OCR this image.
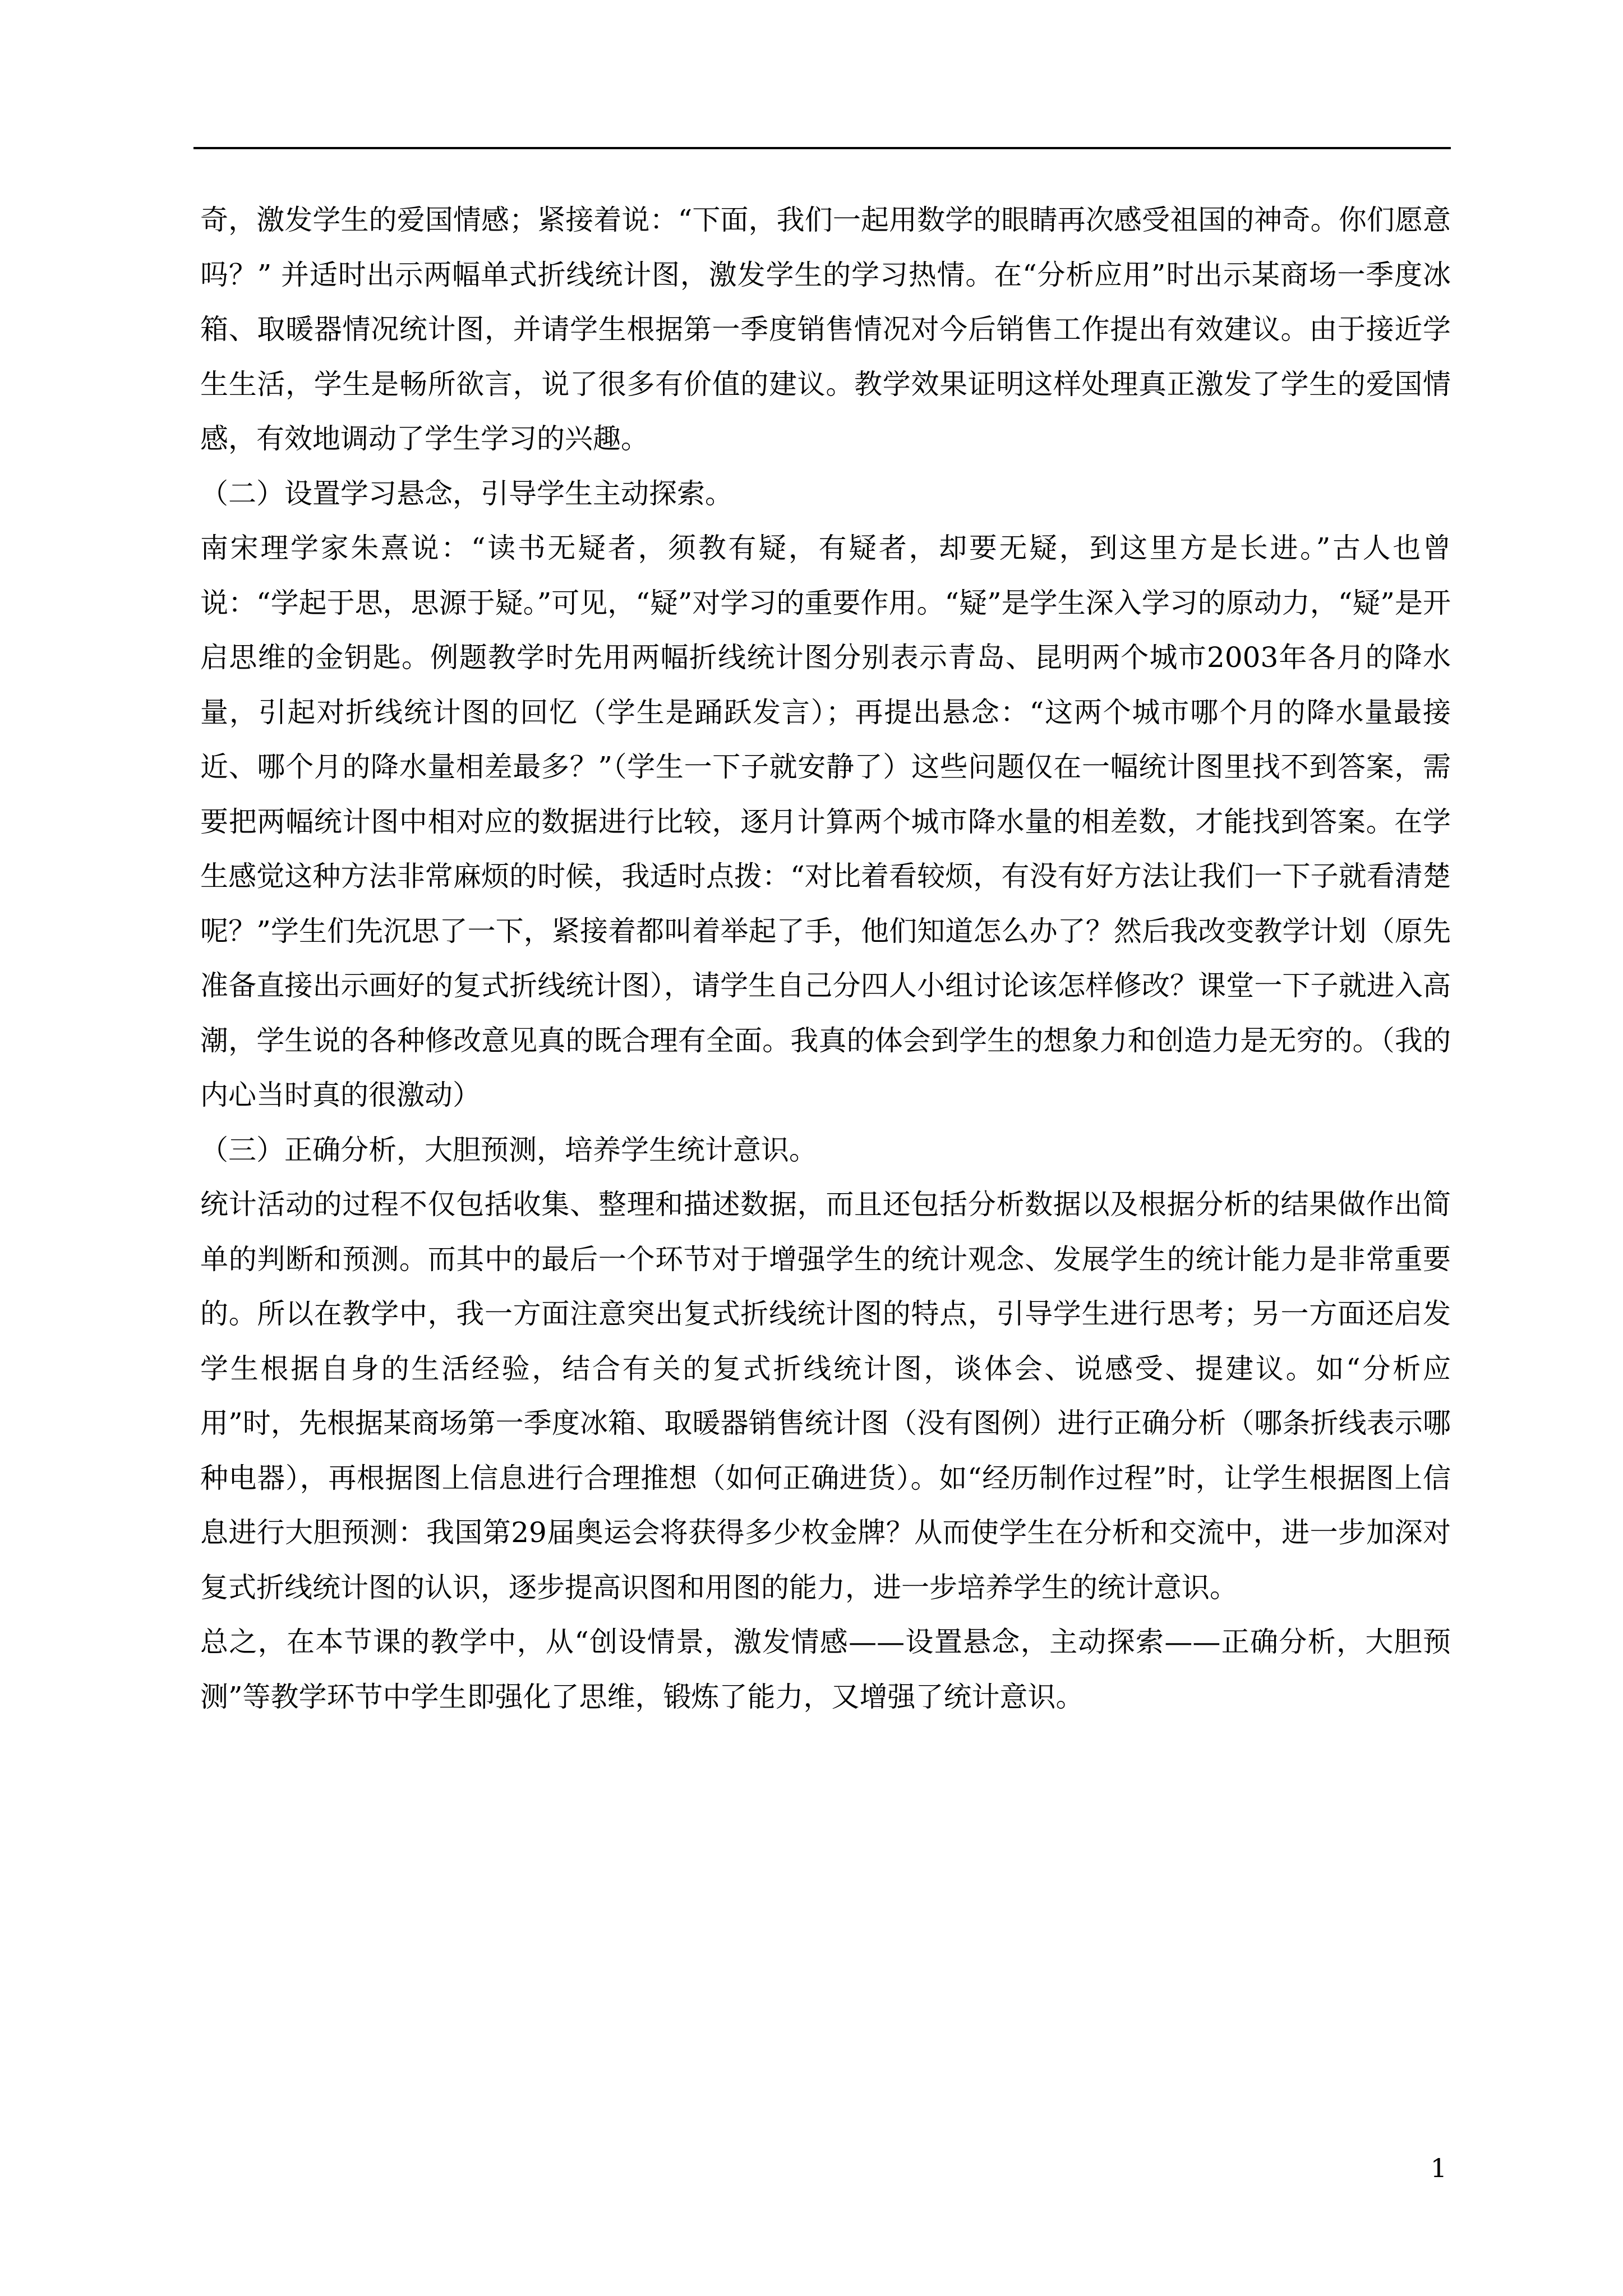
奇，激发学生的爱国情感；紧接着说：“下面，我们一起用数学的眼睛再次感受祖国的神奇。你们愿意吗？” 并适时出示两幅单式折线统计图，激发学生的学习热情。在“分析应用”时出示某商场一季度冰箱、取暖器情况统计图，并请学生根据第一季度销售情况对今后销售工作提出有效建议。由于接近学生生活，学生是畅所欲言，说了很多有价值的建议。教学效果证明这样处理真正激发了学生的爱国情感，有效地调动了学生学习的兴趣。

（二）设置学习悬念，引导学生主动探索。

南宋理学家朱熹说：“读书无疑者，须教有疑，有疑者，却要无疑，到这里方是长进。”古人也曾说：“学起于思，思源于疑。”可见，“疑”对学习的重要作用。“疑”是学生深入学习的原动力，“疑”是开启思维的金钥匙。例题教学时先用两幅折线统计图分别表示青岛、昆明两个城市2003年各月的降水量，引起对折线统计图的回忆（学生是踊跃发言）；再提出悬念：“这两个城市哪个月的降水量最接近、哪个月的降水量相差最多？”（学生一下子就安静了）这些问题仅在一幅统计图里找不到答案，需要把两幅统计图中相对应的数据进行比较，逐月计算两个城市降水量的相差数，才能找到答案。在学生感觉这种方法非常麻烦的时候，我适时点拨：“对比着看较烦，有没有好方法让我们一下子就看清楚呢？”学生们先沉思了一下，紧接着都叫着举起了手，他们知道怎么办了？然后我改变教学计划（原先准备直接出示画好的复式折线统计图），请学生自己分四人小组讨论该怎样修改？课堂一下子就进入高潮，学生说的各种修改意见真的既合理有全面。我真的体会到学生的想象力和创造力是无穷的。（我的内心当时真的很激动）

（三）正确分析，大胆预测，培养学生统计意识。

统计活动的过程不仅包括收集、整理和描述数据，而且还包括分析数据以及根据分析的结果做作出简单的判断和预测。而其中的最后一个环节对于增强学生的统计观念、发展学生的统计能力是非常重要的。所以在教学中，我一方面注意突出复式折线统计图的特点，引导学生进行思考；另一方面还启发学生根据自身的生活经验，结合有关的复式折线统计图，谈体会、说感受、提建议。如“分析应用”时，先根据某商场第一季度冰箱、取暖器销售统计图（没有图例）进行正确分析（哪条折线表示哪种电器），再根据图上信息进行合理推想（如何正确进货）。如“经历制作过程”时，让学生根据图上信息进行大胆预测：我国第29届奥运会将获得多少枚金牌？从而使学生在分析和交流中，进一步加深对复式折线统计图的认识，逐步提高识图和用图的能力，进一步培养学生的统计意识。

总之，在本节课的教学中，从“创设情景，激发情感——设置悬念，主动探索——正确分析，大胆预测”等教学环节中学生即强化了思维，锻炼了能力，又增强了统计意识。

1
